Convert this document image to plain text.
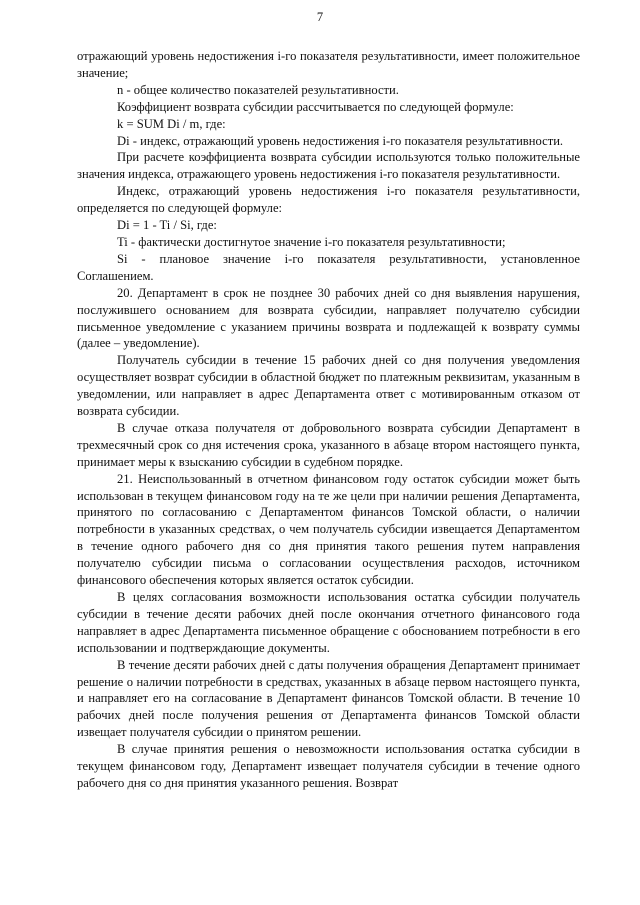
7

отражающий уровень недостижения i-го показателя результативности, имеет положительное значение;

n - общее количество показателей результативности.

Коэффициент возврата субсидии рассчитывается по следующей формуле:

k = SUM Di / m, где:

Di - индекс, отражающий уровень недостижения i-го показателя результативности.

При расчете коэффициента возврата субсидии используются только положительные значения индекса, отражающего уровень недостижения i-го показателя результативности.

Индекс, отражающий уровень недостижения i-го показателя результативности, определяется по следующей формуле:

Di = 1 - Ti / Si, где:

Ti - фактически достигнутое значение i-го показателя результативности;

Si - плановое значение i-го показателя результативности, установленное Соглашением.

20. Департамент в срок не позднее 30 рабочих дней со дня выявления нарушения, послужившего основанием для возврата субсидии, направляет получателю субсидии письменное уведомление с указанием причины возврата и подлежащей к возврату суммы (далее – уведомление).

Получатель субсидии в течение 15 рабочих дней со дня получения уведомления осуществляет возврат субсидии в областной бюджет по платежным реквизитам, указанным в уведомлении, или направляет в адрес Департамента ответ с мотивированным отказом от возврата субсидии.

В случае отказа получателя от добровольного возврата субсидии Департамент в трехмесячный срок со дня истечения срока, указанного в абзаце втором настоящего пункта, принимает меры к взысканию субсидии в судебном порядке.

21. Неиспользованный в отчетном финансовом году остаток субсидии может быть использован в текущем финансовом году на те же цели при наличии решения Департамента, принятого по согласованию с Департаментом финансов Томской области, о наличии потребности в указанных средствах, о чем получатель субсидии извещается Департаментом в течение одного рабочего дня со дня принятия такого решения путем направления получателю субсидии письма о согласовании осуществления расходов, источником финансового обеспечения которых является остаток субсидии.

В целях согласования возможности использования остатка субсидии получатель субсидии в течение десяти рабочих дней после окончания отчетного финансового года направляет в адрес Департамента письменное обращение с обоснованием потребности в его использовании и подтверждающие документы.

В течение десяти рабочих дней с даты получения обращения Департамент принимает решение о наличии потребности в средствах, указанных в абзаце первом настоящего пункта, и направляет его на согласование в Департамент финансов Томской области. В течение 10 рабочих дней после получения решения от Департамента финансов Томской области извещает получателя субсидии о принятом решении.

В случае принятия решения о невозможности использования остатка субсидии в текущем финансовом году, Департамент извещает получателя субсидии в течение одного рабочего дня со дня принятия указанного решения. Возврат
